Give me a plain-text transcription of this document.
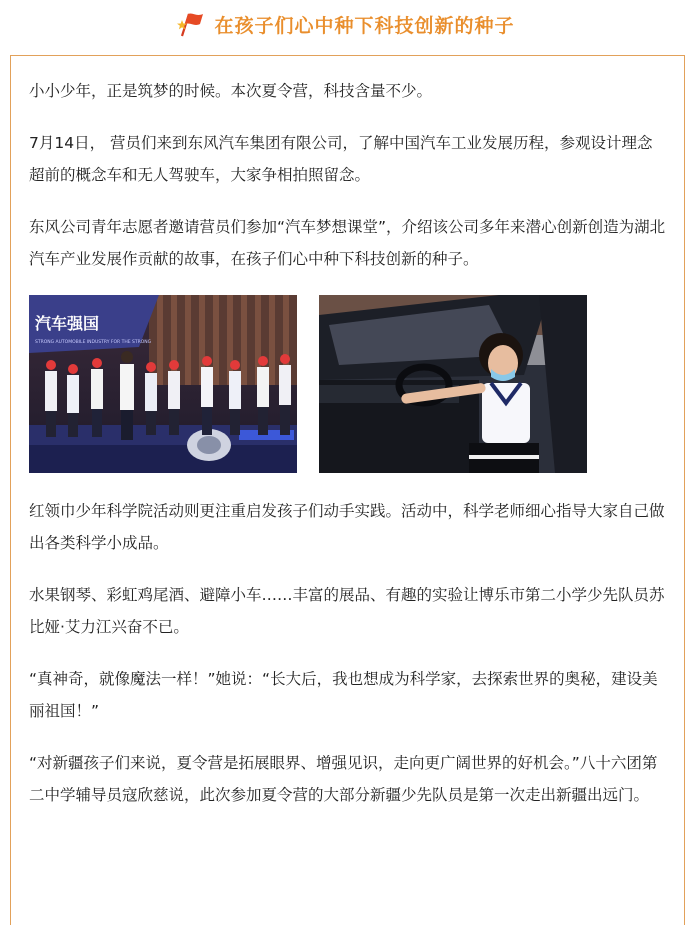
在孩子们心中种下科技创新的种子

小小少年，正是筑梦的时候。本次夏令营，科技含量不少。

7月14日， 营员们来到东风汽车集团有限公司，了解中国汽车工业发展历程，参观设计理念超前的概念车和无人驾驶车，大家争相拍照留念。

东风公司青年志愿者邀请营员们参加“汽车梦想课堂”，介绍该公司多年来潜心创新创造为湖北汽车产业发展作贡献的故事，在孩子们心中种下科技创新的种子。

汽车强国
STRONG AUTOMOBILE INDUSTRY FOR THE STRONG

红领巾少年科学院活动则更注重启发孩子们动手实践。活动中，科学老师细心指导大家自己做出各类科学小成品。

水果钢琴、彩虹鸡尾酒、避障小车……丰富的展品、有趣的实验让博乐市第二小学少先队员苏比娅·艾力江兴奋不已。

“真神奇，就像魔法一样！”她说：“长大后，我也想成为科学家，去探索世界的奥秘，建设美丽祖国！”

“对新疆孩子们来说，夏令营是拓展眼界、增强见识，走向更广阔世界的好机会。”八十六团第二中学辅导员寇欣慈说，此次参加夏令营的大部分新疆少先队员是第一次走出新疆出远门。
